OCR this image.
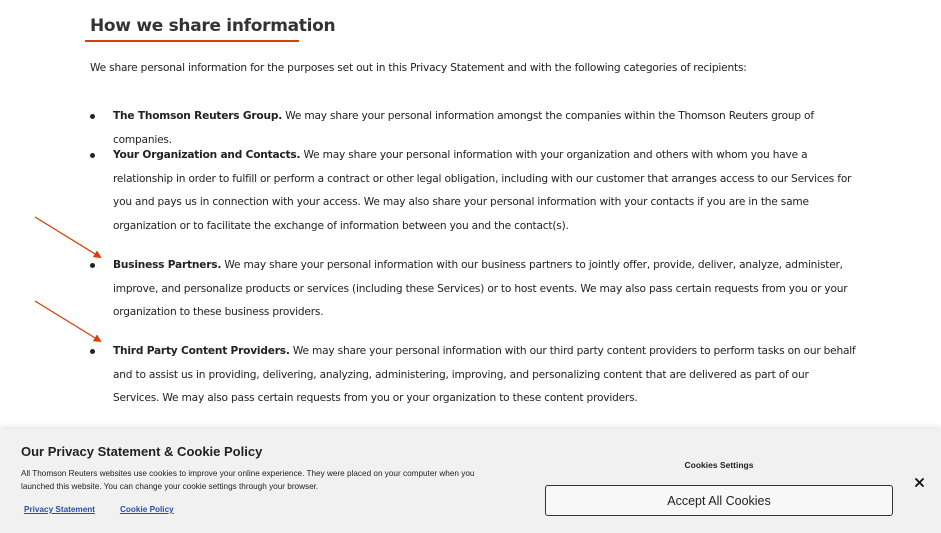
How we share information

We share personal information for the purposes set out in this Privacy Statement and with the following categories of recipients:

The Thomson Reuters Group. We may share your personal information amongst the companies within the Thomson Reuters group of companies.

Your Organization and Contacts. We may share your personal information with your organization and others with whom you have a relationship in order to fulfill or perform a contract or other legal obligation, including with our customer that arranges access to our Services for you and pays us in connection with your access. We may also share your personal information with your contacts if you are in the same organization or to facilitate the exchange of information between you and the contact(s).

Business Partners. We may share your personal information with our business partners to jointly offer, provide, deliver, analyze, administer, improve, and personalize products or services (including these Services) or to host events. We may also pass certain requests from you or your organization to these business providers.

Third Party Content Providers. We may share your personal information with our third party content providers to perform tasks on our behalf and to assist us in providing, delivering, analyzing, administering, improving, and personalizing content that are delivered as part of our Services. We may also pass certain requests from you or your organization to these content providers.

Our Privacy Statement & Cookie Policy

All Thomson Reuters websites use cookies to improve your online experience. They were placed on your computer when you launched this website. You can change your cookie settings through your browser.

Privacy Statement	Cookie Policy
Cookies Settings
Accept All Cookies
